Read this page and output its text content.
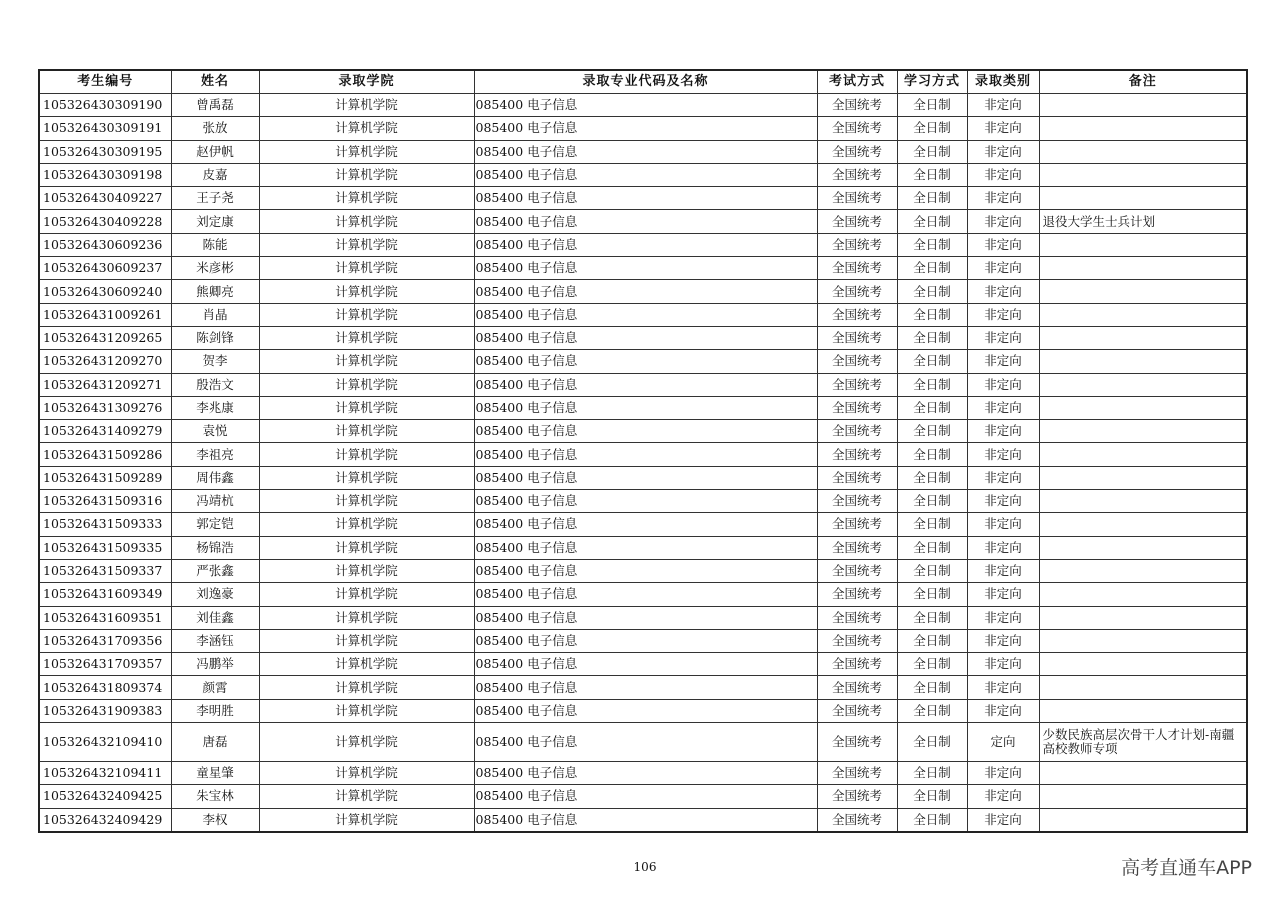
考生编号	姓名	录取学院	录取专业代码及名称	考试方式	学习方式	录取类别	备注
105326430309190	曾禹磊	计算机学院	085400 电子信息	全国统考	全日制	非定向	
105326430309191	张放	计算机学院	085400 电子信息	全国统考	全日制	非定向	
105326430309195	赵伊帆	计算机学院	085400 电子信息	全国统考	全日制	非定向	
105326430309198	皮嘉	计算机学院	085400 电子信息	全国统考	全日制	非定向	
105326430409227	王子尧	计算机学院	085400 电子信息	全国统考	全日制	非定向	
105326430409228	刘定康	计算机学院	085400 电子信息	全国统考	全日制	非定向	退役大学生士兵计划
105326430609236	陈能	计算机学院	085400 电子信息	全国统考	全日制	非定向	
105326430609237	米彦彬	计算机学院	085400 电子信息	全国统考	全日制	非定向	
105326430609240	熊卿亮	计算机学院	085400 电子信息	全国统考	全日制	非定向	
105326431009261	肖晶	计算机学院	085400 电子信息	全国统考	全日制	非定向	
105326431209265	陈剑锋	计算机学院	085400 电子信息	全国统考	全日制	非定向	
105326431209270	贺李	计算机学院	085400 电子信息	全国统考	全日制	非定向	
105326431209271	殷浩文	计算机学院	085400 电子信息	全国统考	全日制	非定向	
105326431309276	李兆康	计算机学院	085400 电子信息	全国统考	全日制	非定向	
105326431409279	袁悦	计算机学院	085400 电子信息	全国统考	全日制	非定向	
105326431509286	李祖亮	计算机学院	085400 电子信息	全国统考	全日制	非定向	
105326431509289	周伟鑫	计算机学院	085400 电子信息	全国统考	全日制	非定向	
105326431509316	冯靖杭	计算机学院	085400 电子信息	全国统考	全日制	非定向	
105326431509333	郭定铠	计算机学院	085400 电子信息	全国统考	全日制	非定向	
105326431509335	杨锦浩	计算机学院	085400 电子信息	全国统考	全日制	非定向	
105326431509337	严张鑫	计算机学院	085400 电子信息	全国统考	全日制	非定向	
105326431609349	刘逸豪	计算机学院	085400 电子信息	全国统考	全日制	非定向	
105326431609351	刘佳鑫	计算机学院	085400 电子信息	全国统考	全日制	非定向	
105326431709356	李涵钰	计算机学院	085400 电子信息	全国统考	全日制	非定向	
105326431709357	冯鹏举	计算机学院	085400 电子信息	全国统考	全日制	非定向	
105326431809374	颜霄	计算机学院	085400 电子信息	全国统考	全日制	非定向	
105326431909383	李明胜	计算机学院	085400 电子信息	全国统考	全日制	非定向	
105326432109410	唐磊	计算机学院	085400 电子信息	全国统考	全日制	定向	少数民族高层次骨干人才计划-南疆高校教师专项
105326432109411	童星肇	计算机学院	085400 电子信息	全国统考	全日制	非定向	
105326432409425	朱宝林	计算机学院	085400 电子信息	全国统考	全日制	非定向	
105326432409429	李权	计算机学院	085400 电子信息	全国统考	全日制	非定向	
106	高考直通车APP
